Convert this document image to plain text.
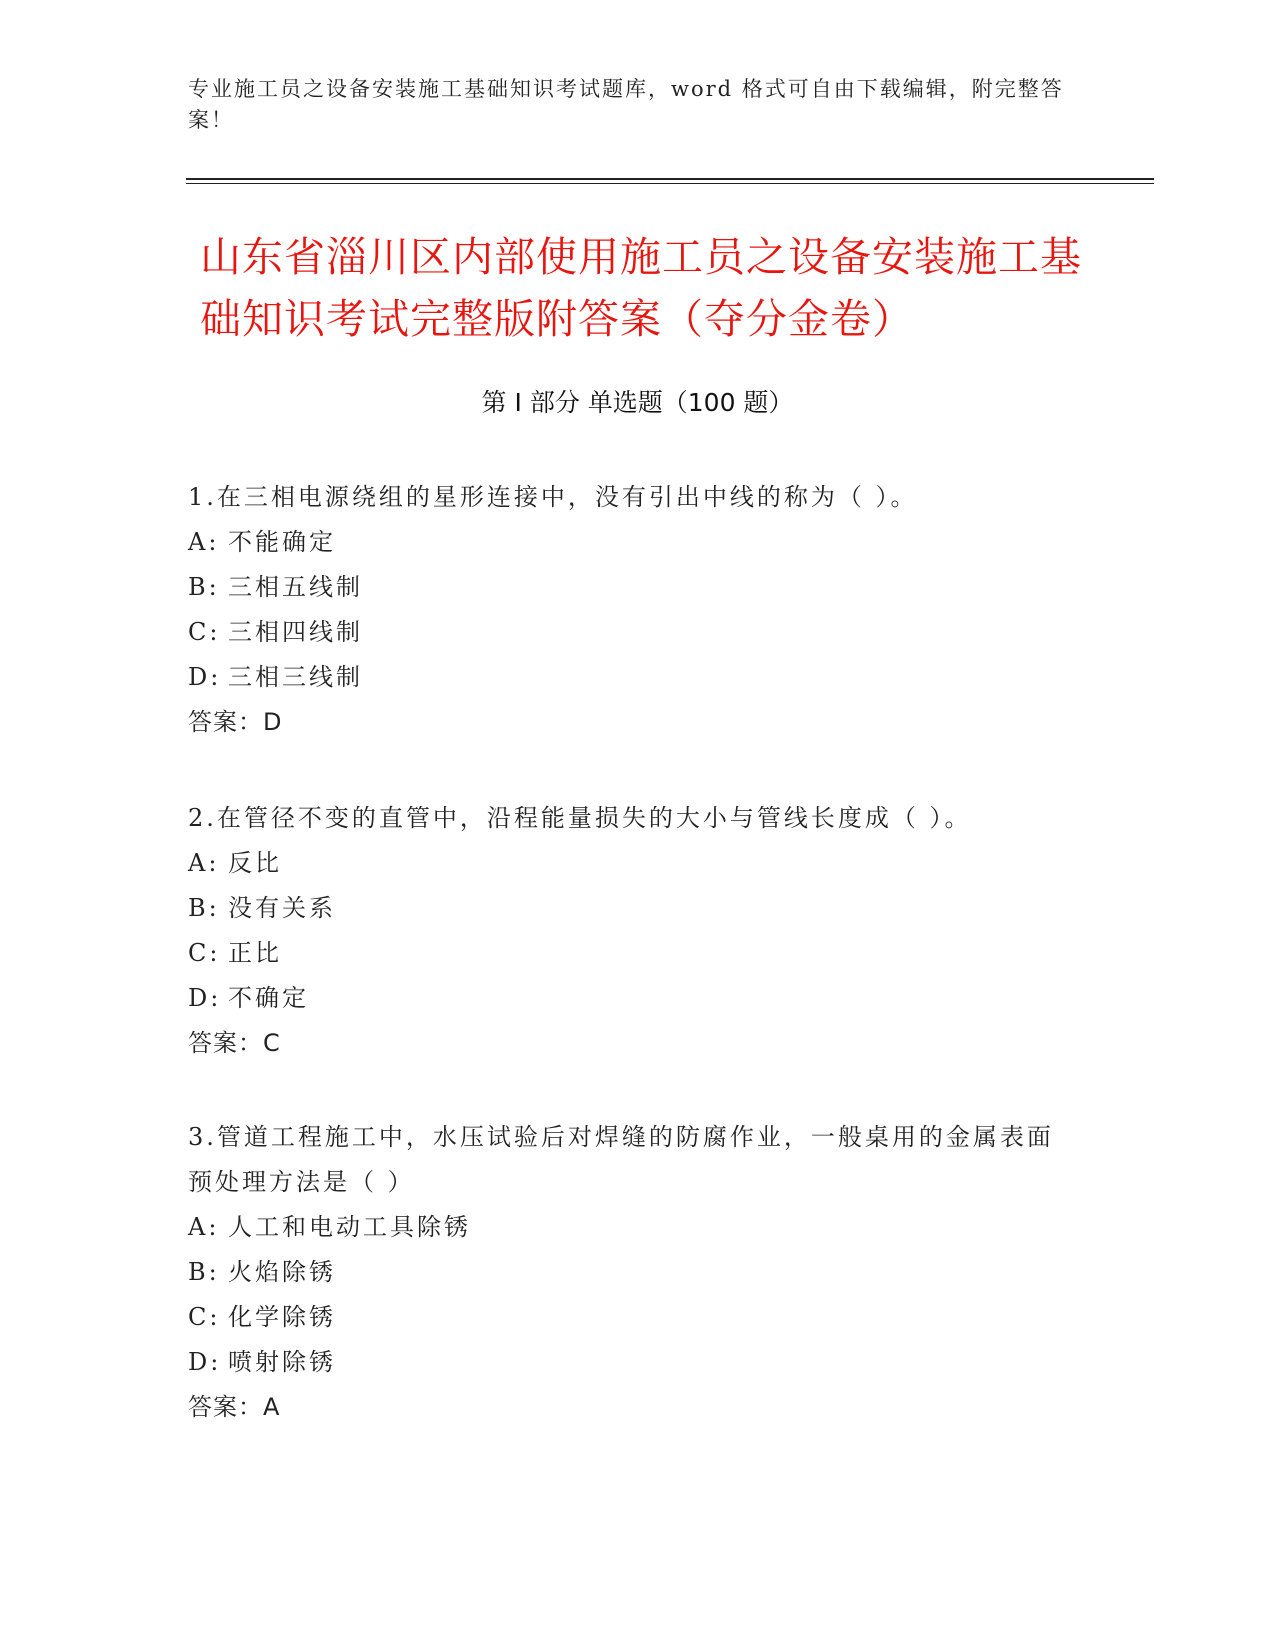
专业施工员之设备安装施工基础知识考试题库，word 格式可自由下载编辑，附完整答案！
山东省淄川区内部使用施工员之设备安装施工基础知识考试完整版附答案（夺分金卷）
第 I 部分 单选题（100 题）

1.在三相电源绕组的星形连接中，没有引出中线的称为（ ）。

A: 不能确定

B: 三相五线制

C: 三相四线制

D: 三相三线制

答案：D

2.在管径不变的直管中，沿程能量损失的大小与管线长度成（ ）。

A: 反比

B: 没有关系

C: 正比

D: 不确定

答案：C

3.管道工程施工中，水压试验后对焊缝的防腐作业，一般桌用的金属表面预处理方法是（ ）

A: 人工和电动工具除锈

B: 火焰除锈

C: 化学除锈

D: 喷射除锈

答案：A
